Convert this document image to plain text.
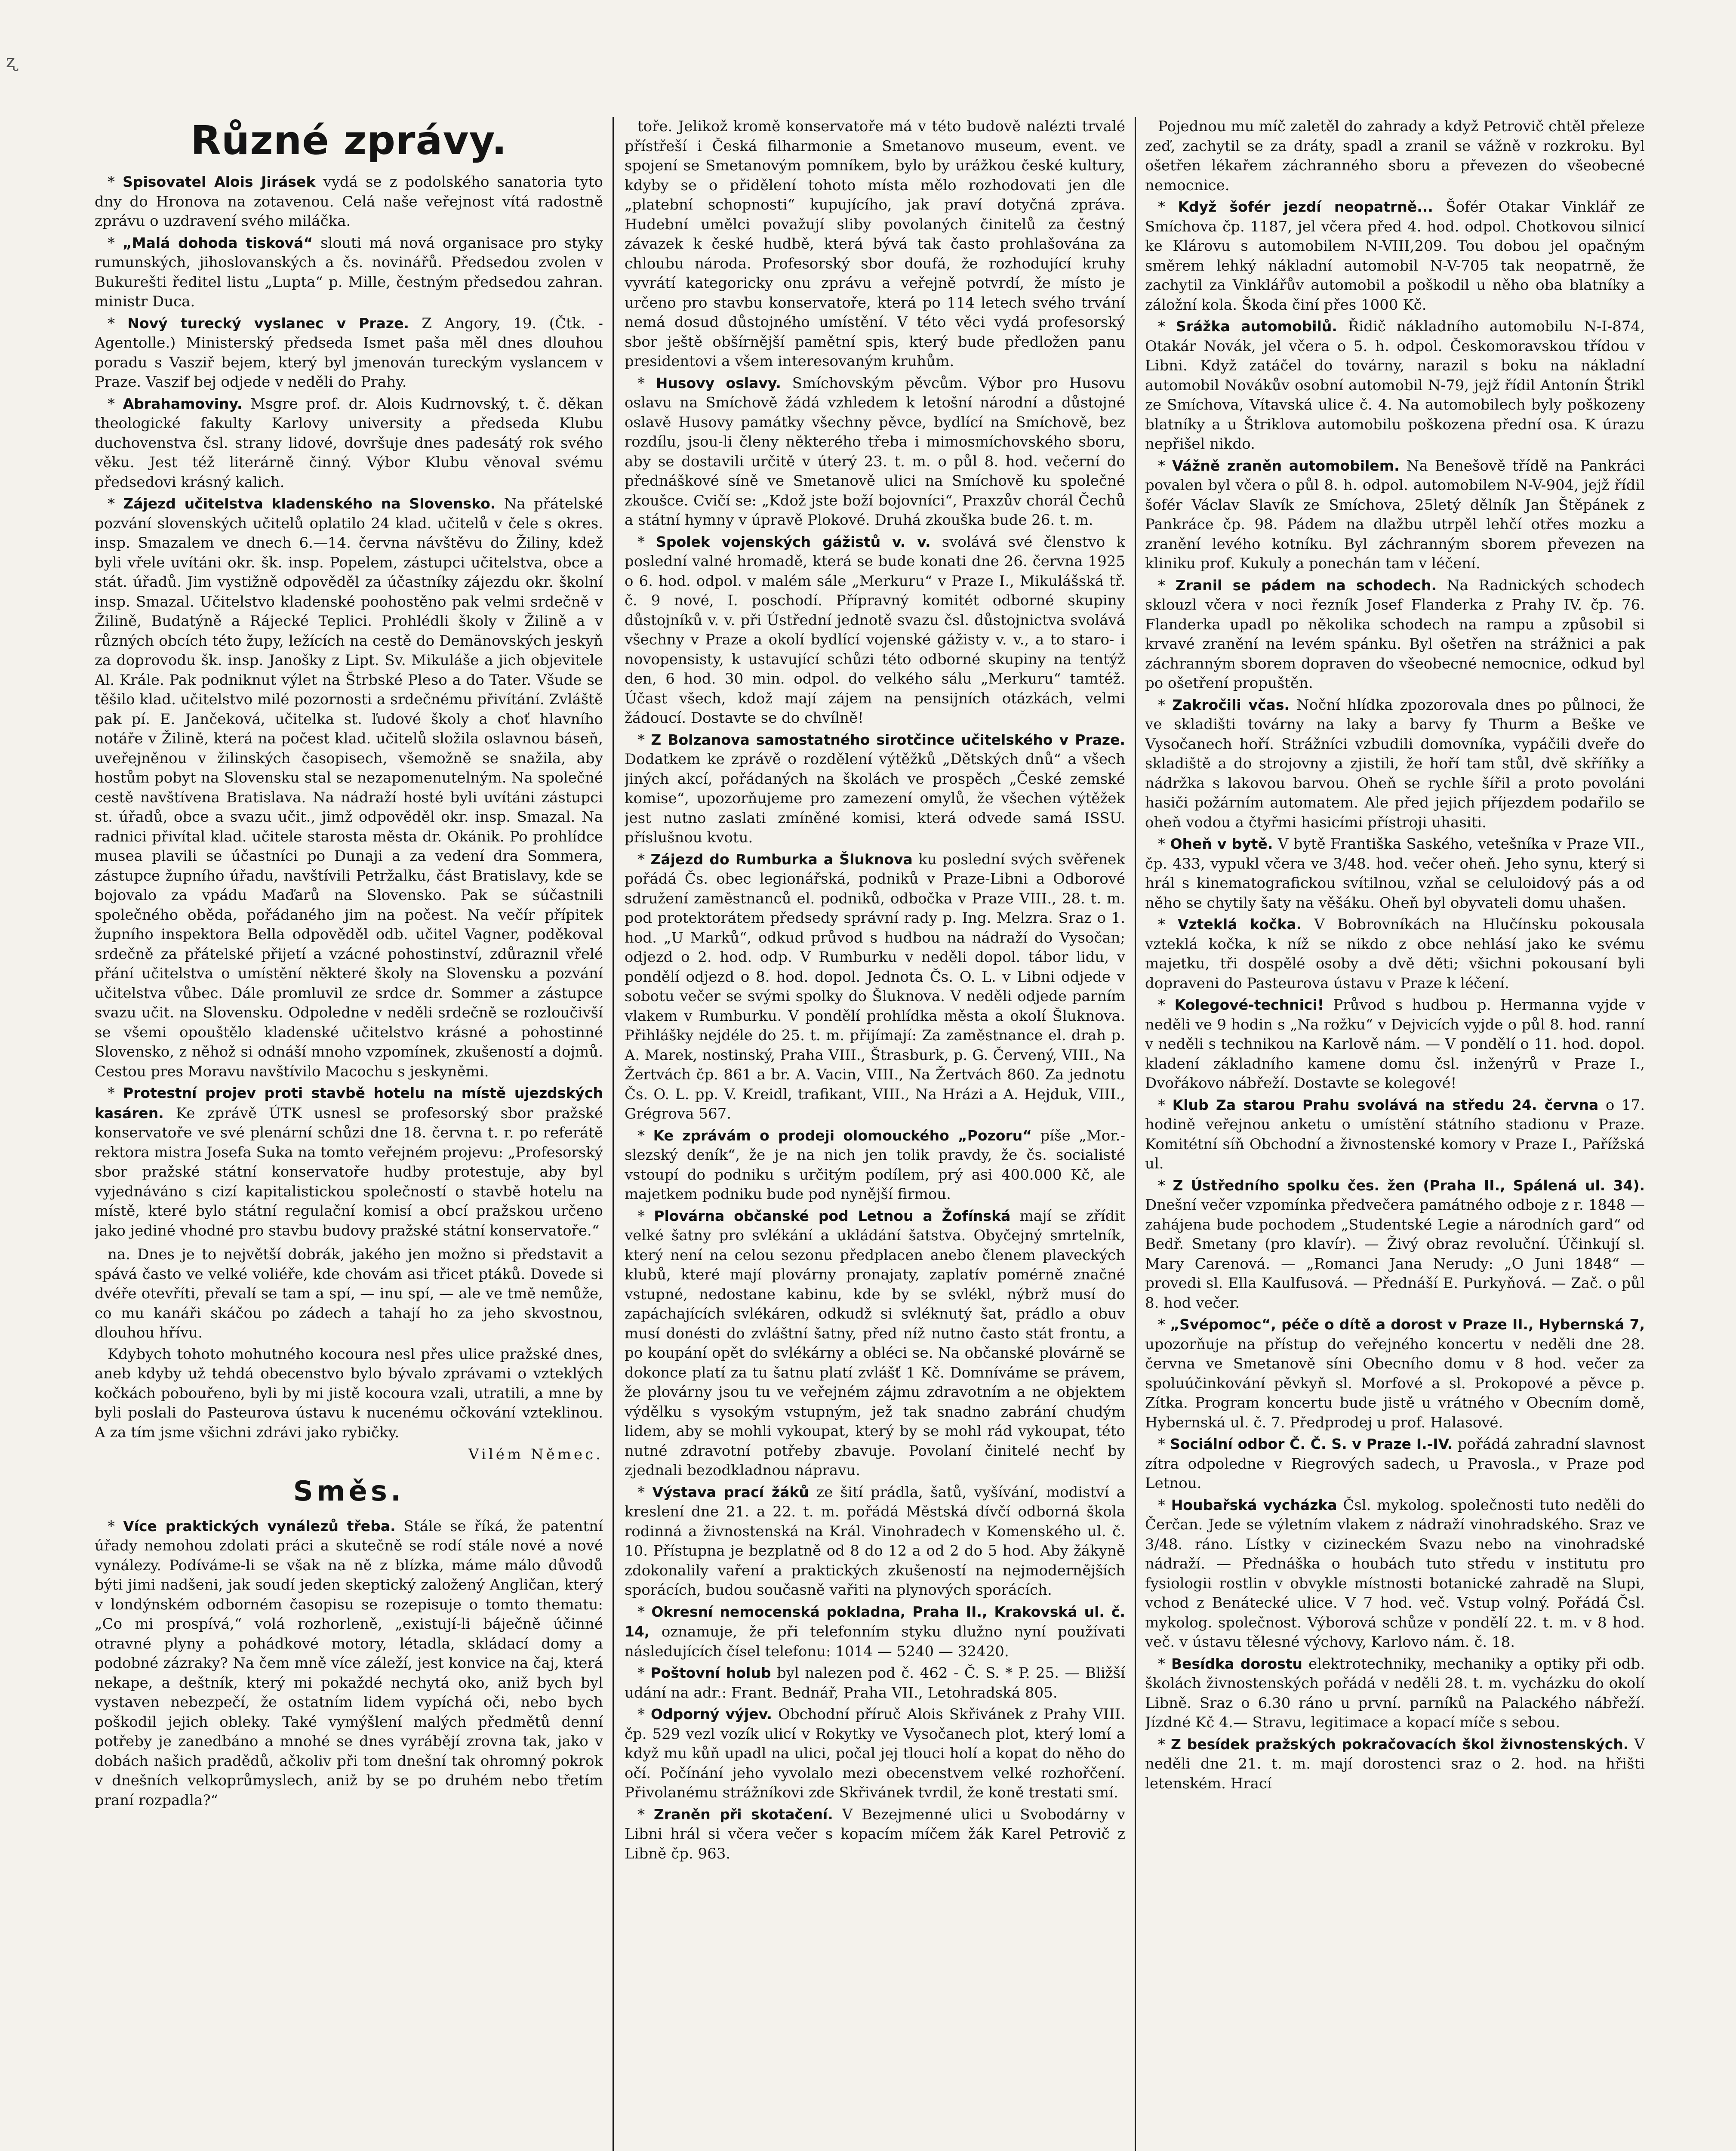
ʐ
Různé zprávy.

* Spisovatel Alois Jirásek vydá se z podolského sanatoria tyto dny do Hronova na zotavenou. Celá naše veřejnost vítá radostně zprávu o uzdravení svého miláčka.

* „Malá dohoda tisková“ slouti má nová organisace pro styky rumunských, jihoslovanských a čs. novinářů. Předsedou zvolen v Bukurešti ředitel listu „Lupta“ p. Mille, čestným předsedou zahran. ministr Duca.

* Nový turecký vyslanec v Praze. Z Angory, 19. (Čtk. - Agentolle.) Ministerský předseda Ismet paša měl dnes dlouhou poradu s Vasziř bejem, který byl jmenován tureckým vyslancem v Praze. Vaszif bej odjede v neděli do Prahy.

* Abrahamoviny. Msgre prof. dr. Alois Kudrnovský, t. č. děkan theologické fakulty Karlovy university a předseda Klubu duchovenstva čsl. strany lidové, dovršuje dnes padesátý rok svého věku. Jest též literárně činný. Výbor Klubu věnoval svému předsedovi krásný kalich.

* Zájezd učitelstva kladenského na Slovensko. Na přátelské pozvání slovenských učitelů oplatilo 24 klad. učitelů v čele s okres. insp. Smazalem ve dnech 6.—14. června návštěvu do Žiliny, kdež byli vřele uvítáni okr. šk. insp. Popelem, zástupci učitelstva, obce a stát. úřadů. Jim vystižně odpověděl za účastníky zájezdu okr. školní insp. Smazal. Učitelstvo kladenské poohostěno pak velmi srdečně v Žilině, Budatýně a Rájecké Teplici. Prohlédli školy v Žilině a v různých obcích této župy, ležících na cestě do Demänovských jeskyň za doprovodu šk. insp. Janošky z Lipt. Sv. Mikuláše a jich objevitele Al. Krále. Pak podniknut výlet na Štrbské Pleso a do Tater. Všude se těšilo klad. učitelstvo milé pozornosti a srdečnému přivítání. Zvláště pak pí. E. Jančeková, učitelka st. ľudové školy a choť hlavního notáře v Žilině, která na počest klad. učitelů složila oslavnou báseň, uveřejněnou v žilinských časopisech, všemožně se snažila, aby hostům pobyt na Slovensku stal se nezapomenutelným. Na společné cestě navštívena Bratislava. Na nádraží hosté byli uvítáni zástupci st. úřadů, obce a svazu učit., jimž odpověděl okr. insp. Smazal. Na radnici přivítal klad. učitele starosta města dr. Okánik. Po prohlídce musea plavili se účastníci po Dunaji a za vedení dra Sommera, zástupce župního úřadu, navštívili Petržalku, část Bratislavy, kde se bojovalo za vpádu Maďarů na Slovensko. Pak se súčastnili společného oběda, pořádaného jim na počest. Na večír přípitek župního inspektora Bella odpověděl odb. učitel Vagner, poděkoval srdečně za přátelské přijetí a vzácné pohostinství, zdůraznil vřelé přání učitelstva o umístění některé školy na Slovensku a pozvání učitelstva vůbec. Dále promluvil ze srdce dr. Sommer a zástupce svazu učit. na Slovensku. Odpoledne v neděli srdečně se rozloučivší se všemi opouštělo kladenské učitelstvo krásné a pohostinné Slovensko, z něhož si odnáší mnoho vzpomínek, zkušeností a dojmů. Cestou pres Moravu navštívilo Macochu s jeskyněmi.

* Protestní projev proti stavbě hotelu na místě ujezdských kasáren. Ke zprávě ÚTK usnesl se profesorský sbor pražské konservatoře ve své plenární schůzi dne 18. června t. r. po referátě rektora mistra Josefa Suka na tomto veřejném projevu: „Profesorský sbor pražské státní konservatoře hudby protestuje, aby byl vyjednáváno s cizí kapitalistickou společností o stavbě hotelu na místě, které bylo státní regulační komisí a obcí pražskou určeno jako jediné vhodné pro stavbu budovy pražské státní konservatoře.“

na. Dnes je to největší dobrák, jakého jen možno si představit a spává často ve velké voliéře, kde chovám asi třicet ptáků. Dovede si dvéře otevříti, převalí se tam a spí, — inu spí, — ale ve tmě nemůže, co mu kanáři skáčou po zádech a tahají ho za jeho skvostnou, dlouhou hřívu.

Kdybych tohoto mohutného kocoura nesl přes ulice pražské dnes, aneb kdyby už tehdá obecenstvo bylo bývalo zprávami o vzteklých kočkách pobouřeno, byli by mi jistě kocoura vzali, utratili, a mne by byli poslali do Pasteurova ústavu k nucenému očkování vzteklinou. A za tím jsme všichni zdrávi jako rybičky.

Vilém Němec.
Směs.

* Více praktických vynálezů třeba. Stále se říká, že patentní úřady nemohou zdolati práci a skutečně se rodí stále nové a nové vynálezy. Podíváme-li se však na ně z blízka, máme málo důvodů býti jimi nadšeni, jak soudí jeden skeptický založený Angličan, který v londýnském odborném časopisu se rozepisuje o tomto thematu: „Co mi prospívá,“ volá rozhorleně, „existují-li báječně účinné otravné plyny a pohádkové motory, létadla, skládací domy a podobné zázraky? Na čem mně více záleží, jest konvice na čaj, která nekape, a deštník, který mi pokaždé nechytá oko, aniž bych byl vystaven nebezpečí, že ostatním lidem vypíchá oči, nebo bych poškodil jejich obleky. Také vymýšlení malých předmětů denní potřeby je zanedbáno a mnohé se dnes vyrábějí zrovna tak, jako v dobách našich pradědů, ačkoliv při tom dnešní tak ohromný pokrok v dnešních velkoprůmyslech, aniž by se po druhém nebo třetím praní rozpadla?“

toře. Jelikož kromě konservatoře má v této budově nalézti trvalé přístřeší i Česká filharmonie a Smetanovo museum, event. ve spojení se Smetanovým pomníkem, bylo by urážkou české kultury, kdyby se o přidělení tohoto místa mělo rozhodovati jen dle „platební schopnosti“ kupujícího, jak praví dotyčná zpráva. Hudební umělci považují sliby povolaných činitelů za čestný závazek k české hudbě, která bývá tak často prohlašována za chloubu národa. Profesorský sbor doufá, že rozhodující kruhy vyvrátí kategoricky onu zprávu a veřejně potvrdí, že místo je určeno pro stavbu konservatoře, která po 114 letech svého trvání nemá dosud důstojného umístění. V této věci vydá profesorský sbor ještě obšírnější pamětní spis, který bude předložen panu presidentovi a všem interesovaným kruhům.

* Husovy oslavy. Smíchovským pěvcům. Výbor pro Husovu oslavu na Smíchově žádá vzhledem k letošní národní a důstojné oslavě Husovy památky všechny pěvce, bydlící na Smíchově, bez rozdílu, jsou-li členy některého třeba i mimosmíchovského sboru, aby se dostavili určitě v úterý 23. t. m. o půl 8. hod. večerní do přednáškové síně ve Smetanově ulici na Smíchově ku společné zkoušce. Cvičí se: „Kdož jste boží bojovníci“, Praxzův chorál Čechů a státní hymny v úpravě Plokové. Druhá zkouška bude 26. t. m.

* Spolek vojenských gážistů v. v. svolává své členstvo k poslední valné hromadě, která se bude konati dne 26. června 1925 o 6. hod. odpol. v malém sále „Merkuru“ v Praze I., Mikulášská tř. č. 9 nové, I. poschodí. Přípravný komitét odborné skupiny důstojníků v. v. při Ústřední jednotě svazu čsl. důstojnictva svolává všechny v Praze a okolí bydlící vojenské gážisty v. v., a to staro- i novopensisty, k ustavující schůzi této odborné skupiny na tentýž den, 6 hod. 30 min. odpol. do velkého sálu „Merkuru“ tamtéž. Účast všech, kdož mají zájem na pensijních otázkách, velmi žádoucí. Dostavte se do chvílně!

* Z Bolzanova samostatného sirotčince učitelského v Praze. Dodatkem ke zprávě o rozdělení výtěžků „Dětských dnů“ a všech jiných akcí, pořádaných na školách ve prospěch „České zemské komise“, upozorňujeme pro zamezení omylů, že všechen výtěžek jest nutno zaslati zmíněné komisi, která odvede samá ISSU. příslušnou kvotu.

* Zájezd do Rumburka a Šluknova ku poslední svých svěřenek pořádá Čs. obec legionářská, podniků v Praze-Libni a Odborové sdružení zaměstnanců el. podniků, odbočka v Praze VIII., 28. t. m. pod protektorátem předsedy správní rady p. Ing. Melzra. Sraz o 1. hod. „U Marků“, odkud průvod s hudbou na nádraží do Vysočan; odjezd o 2. hod. odp. V Rumburku v neděli dopol. tábor lidu, v pondělí odjezd o 8. hod. dopol. Jednota Čs. O. L. v Libni odjede v sobotu večer se svými spolky do Šluknova. V neděli odjede parním vlakem v Rumburku. V pondělí prohlídka města a okolí Šluknova. Přihlášky nejdéle do 25. t. m. přijímají: Za zaměstnance el. drah p. A. Marek, nostinský, Praha VIII., Štrasburk, p. G. Červený, VIII., Na Žertvách čp. 861 a br. A. Vacin, VIII., Na Žertvách 860. Za jednotu Čs. O. L. pp. V. Kreidl, trafikant, VIII., Na Hrázi a A. Hejduk, VIII., Grégrova 567.

* Ke zprávám o prodeji olomouckého „Pozoru“ píše „Mor.-slezský deník“, že je na nich jen tolik pravdy, že čs. socialisté vstoupí do podniku s určitým podílem, prý asi 400.000 Kč, ale majetkem podniku bude pod nynější firmou.

* Plovárna občanské pod Letnou a Žofínská mají se zřídit velké šatny pro svlékání a ukládání šatstva. Obyčejný smrtelník, který není na celou sezonu předplacen anebo členem plaveckých klubů, které mají plovárny pronajaty, zaplatív pomérně značné vstupné, nedostane kabinu, kde by se svlékl, nýbrž musí do zapáchajících svlékáren, odkudž si svléknutý šat, prádlo a obuv musí donésti do zvláštní šatny, před níž nutno často stát frontu, a po koupání opět do svlékárny a obléci se. Na občanské plovárně se dokonce platí za tu šatnu platí zvlášť 1 Kč. Domníváme se právem, že plovárny jsou tu ve veřejném zájmu zdravotním a ne objektem výdělku s vysokým vstupným, jež tak snadno zabrání chudým lidem, aby se mohli vykoupat, který by se mohl rád vykoupat, této nutné zdravotní potřeby zbavuje. Povolaní činitelé nechť by zjednali bezodkladnou nápravu.

* Výstava prací žáků ze šití prádla, šatů, vyšívání, modiství a kreslení dne 21. a 22. t. m. pořádá Městská dívčí odborná škola rodinná a živnostenská na Král. Vinohradech v Komenského ul. č. 10. Přístupna je bezplatně od 8 do 12 a od 2 do 5 hod. Aby žákyně zdokonalily vaření a praktických zkušeností na nejmodernějších sporácích, budou současně vařiti na plynových sporácích.

* Okresní nemocenská pokladna, Praha II., Krakovská ul. č. 14, oznamuje, že při telefonním styku dlužno nyní používati následujících čísel telefonu: 1014 — 5240 — 32420.

* Poštovní holub byl nalezen pod č. 462 - Č. S. * P. 25. — Bližší udání na adr.: Frant. Bednář, Praha VII., Letohradská 805.

* Odporný výjev. Obchodní příruč Alois Skřivánek z Prahy VIII. čp. 529 vezl vozík ulicí v Rokytky ve Vysočanech plot, který lomí a když mu kůň upadl na ulici, počal jej tlouci holí a kopat do něho do očí. Počínání jeho vyvolalo mezi obecenstvem velké rozhořčení. Přivolanému strážníkovi zde Skřivánek tvrdil, že koně trestati smí.

* Zraněn při skotačení. V Bezejmenné ulici u Svobodárny v Libni hrál si včera večer s kopacím míčem žák Karel Petrovič z Libně čp. 963.

Pojednou mu míč zaletěl do zahrady a když Petrovič chtěl přeleze zeď, zachytil se za dráty, spadl a zranil se vážně v rozkroku. Byl ošetřen lékařem záchranného sboru a převezen do všeobecné nemocnice.

* Když šofér jezdí neopatrně... Šofér Otakar Vinklář ze Smíchova čp. 1187, jel včera před 4. hod. odpol. Chotkovou silnicí ke Klárovu s automobilem N-VIII,209. Tou dobou jel opačným směrem lehký nákladní automobil N-V-705 tak neopatrně, že zachytil za Vinklářův automobil a poškodil u něho oba blatníky a záložní kola. Škoda činí přes 1000 Kč.

* Srážka automobilů. Řidič nákladního automobilu N-I-874, Otakár Novák, jel včera o 5. h. odpol. Českomoravskou třídou v Libni. Když zatáčel do továrny, narazil s boku na nákladní automobil Novákův osobní automobil N-79, jejž řídil Antonín Štrikl ze Smíchova, Vítavská ulice č. 4. Na automobilech byly poškozeny blatníky a u Štriklova automobilu poškozena přední osa. K úrazu nepřišel nikdo.

* Vážně zraněn automobilem. Na Benešově třídě na Pankráci povalen byl včera o půl 8. h. odpol. automobilem N-V-904, jejž řídil šofér Václav Slavík ze Smíchova, 25letý dělník Jan Štěpánek z Pankráce čp. 98. Pádem na dlažbu utrpěl lehčí otřes mozku a zranění levého kotníku. Byl záchranným sborem převezen na kliniku prof. Kukuly a ponechán tam v léčení.

* Zranil se pádem na schodech. Na Radnických schodech sklouzl včera v noci řezník Josef Flanderka z Prahy IV. čp. 76. Flanderka upadl po několika schodech na rampu a způsobil si krvavé zranění na levém spánku. Byl ošetřen na strážnici a pak záchranným sborem dopraven do všeobecné nemocnice, odkud byl po ošetření propuštěn.

* Zakročili včas. Noční hlídka zpozorovala dnes po půlnoci, že ve skladišti továrny na laky a barvy fy Thurm a Beške ve Vysočanech hoří. Strážníci vzbudili domovníka, vypáčili dveře do skladiště a do strojovny a zjistili, že hoří tam stůl, dvě skříňky a nádržka s lakovou barvou. Oheň se rychle šířil a proto povoláni hasiči požárním automatem. Ale před jejich příjezdem podařilo se oheň vodou a čtyřmi hasicími přístroji uhasiti.

* Oheň v bytě. V bytě Františka Saského, vetešníka v Praze VII., čp. 433, vypukl včera ve 3/48. hod. večer oheň. Jeho synu, který si hrál s kinematografickou svítilnou, vzňal se celuloidový pás a od něho se chytily šaty na věšáku. Oheň byl obyvateli domu uhašen.

* Vzteklá kočka. V Bobrovníkách na Hlučínsku pokousala vzteklá kočka, k níž se nikdo z obce nehlásí jako ke svému majetku, tři dospělé osoby a dvě děti; všichni pokousaní byli dopraveni do Pasteurova ústavu v Praze k léčení.

* Kolegové-technici! Průvod s hudbou p. Hermanna vyjde v neděli ve 9 hodin s „Na rožku“ v Dejvicích vyjde o půl 8. hod. ranní v neděli s technikou na Karlově nám. — V pondělí o 11. hod. dopol. kladení základního kamene domu čsl. inženýrů v Praze I., Dvořákovo nábřeží. Dostavte se kolegové!

* Klub Za starou Prahu svolává na středu 24. června o 17. hodině veřejnou anketu o umístění státního stadionu v Praze. Komitétní síň Obchodní a živnostenské komory v Praze I., Pařížská ul.

* Z Ústředního spolku čes. žen (Praha II., Spálená ul. 34). Dnešní večer vzpomínka předvečera památného odboje z r. 1848 — zahájena bude pochodem „Studentské Legie a národních gard“ od Bedř. Smetany (pro klavír). — Živý obraz revoluční. Účinkují sl. Mary Carenová. — „Romanci Jana Nerudy: „O Juni 1848“ — provedi sl. Ella Kaulfusová. — Přednáší E. Purkyňová. — Zač. o půl 8. hod večer.

* „Svépomoc“, péče o dítě a dorost v Praze II., Hybernská 7, upozorňuje na přístup do veřejného koncertu v neděli dne 28. června ve Smetanově síni Obecního domu v 8 hod. večer za spoluúčinkování pěvkyň sl. Morfové a sl. Prokopové a pěvce p. Zítka. Program koncertu bude jistě u vrátného v Obecním domě, Hybernská ul. č. 7. Předprodej u prof. Halasové.

* Sociální odbor Č. Č. S. v Praze I.-IV. pořádá zahradní slavnost zítra odpoledne v Riegrových sadech, u Pravosla., v Praze pod Letnou.

* Houbařská vycházka Čsl. mykolog. společnosti tuto neděli do Čerčan. Jede se výletním vlakem z nádraží vinohradského. Sraz ve 3/48. ráno. Lístky v cizineckém Svazu nebo na vinohradské nádraží. — Přednáška o houbách tuto středu v institutu pro fysiologii rostlin v obvykle místnosti botanické zahradě na Slupi, vchod z Benátecké ulice. V 7 hod. več. Vstup volný. Pořádá Čsl. mykolog. společnost. Výborová schůze v pondělí 22. t. m. v 8 hod. več. v ústavu tělesné výchovy, Karlovo nám. č. 18.

* Besídka dorostu elektrotechniky, mechaniky a optiky při odb. školách živnostenských pořádá v neděli 28. t. m. vycházku do okolí Libně. Sraz o 6.30 ráno u první. parníků na Palackého nábřeží. Jízdné Kč 4.— Stravu, legitimace a kopací míče s sebou.

* Z besídek pražských pokračovacích škol živnostenských. V neděli dne 21. t. m. mají dorostenci sraz o 2. hod. na hřišti letenském. Hrací
